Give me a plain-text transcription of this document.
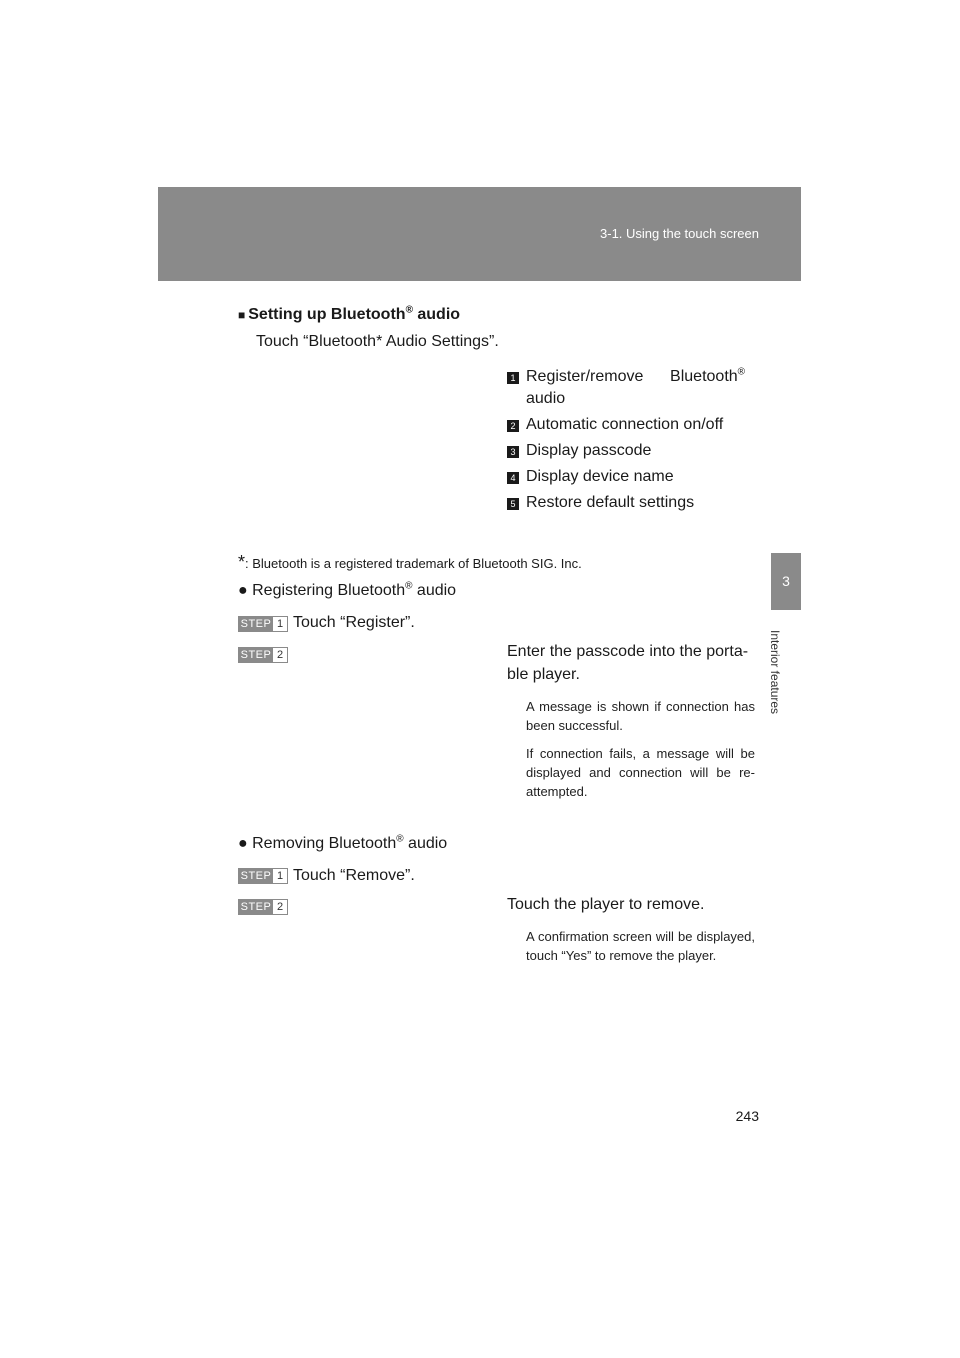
3-1. Using the touch screen
3
Interior features
■ Setting up Bluetooth® audio
Touch “Bluetooth* Audio Settings”.
1 Register/remove      Bluetooth®
audio
2 Automatic connection on/off
3 Display passcode
4 Display device name
5 Restore default settings
*: Bluetooth is a registered trademark of Bluetooth SIG. Inc.
● Registering Bluetooth® audio
STEP 1 Touch “Register”.
STEP 2	Enter the passcode into the porta-
ble player.
A message is shown if connection has been successful.
If connection fails, a message will be displayed and connection will be re-attempted.
● Removing Bluetooth® audio
STEP 1 Touch “Remove”.
STEP 2	Touch the player to remove.
A confirmation screen will be displayed, touch “Yes” to remove the player.
243
